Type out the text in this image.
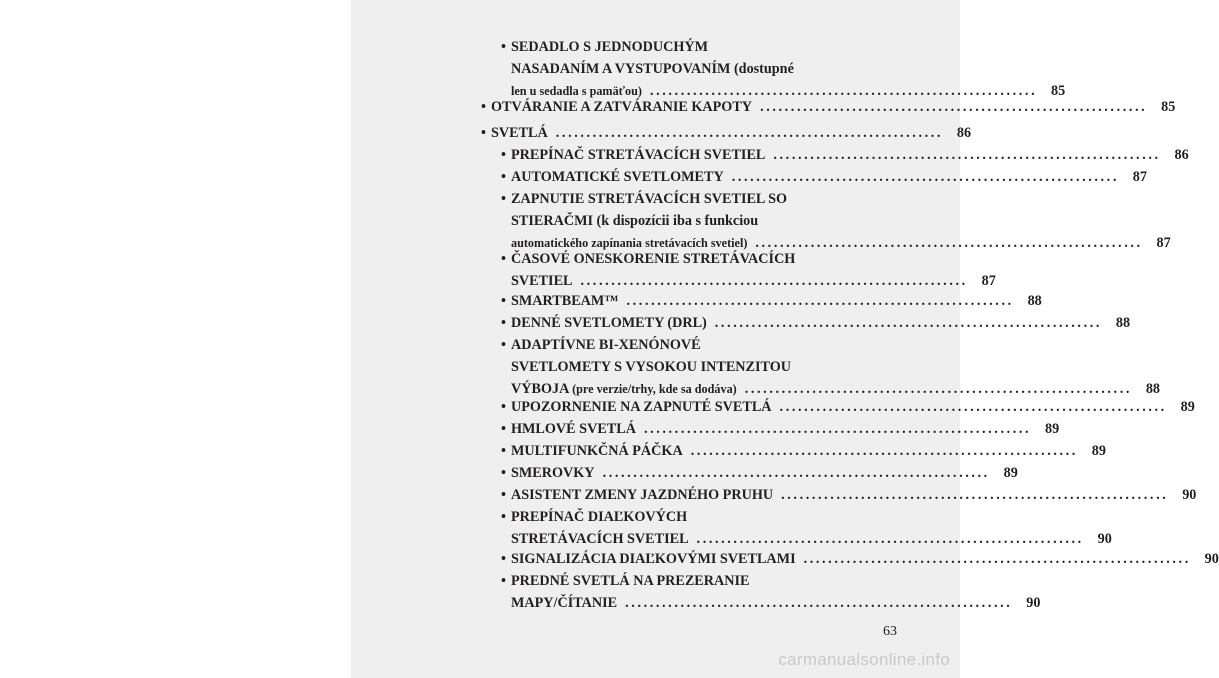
• SEDADLO S JEDNODUCHÝM
NASADANÍM A VYSTUPOVANÍM (dostupné
len u sedadla s pamäťou) ............................................................... 85
• OTVÁRANIE A ZATVÁRANIE KAPOTY ............................................................... 85
• SVETLÁ ............................................................... 86
• PREPÍNAČ STRETÁVACÍCH SVETIEL ............................................................... 86
• AUTOMATICKÉ SVETLOMETY ............................................................... 87
• ZAPNUTIE STRETÁVACÍCH SVETIEL SO
STIERAČMI (k dispozícii iba s funkciou
automatického zapínania stretávacích svetiel) ............................................................... 87
• ČASOVÉ ONESKORENIE STRETÁVACÍCH
SVETIEL ............................................................... 87
• SMARTBEAM™ ............................................................... 88
• DENNÉ SVETLOMETY (DRL) ............................................................... 88
• ADAPTÍVNE BI-XENÓNOVÉ
SVETLOMETY S VYSOKOU INTENZITOU
VÝBOJA (pre verzie/trhy, kde sa dodáva) ............................................................... 88
• UPOZORNENIE NA ZAPNUTÉ SVETLÁ ............................................................... 89
• HMLOVÉ SVETLÁ ............................................................... 89
• MULTIFUNKČNÁ PÁČKA ............................................................... 89
• SMEROVKY ............................................................... 89
• ASISTENT ZMENY JAZDNÉHO PRUHU ............................................................... 90
• PREPÍNAČ DIAĽKOVÝCH
STRETÁVACÍCH SVETIEL ............................................................... 90
• SIGNALIZÁCIA DIAĽKOVÝMI SVETLAMI ............................................................... 90
• PREDNÉ SVETLÁ NA PREZERANIE
MAPY/ČÍTANIE ............................................................... 90
63
carmanualsonline.info
